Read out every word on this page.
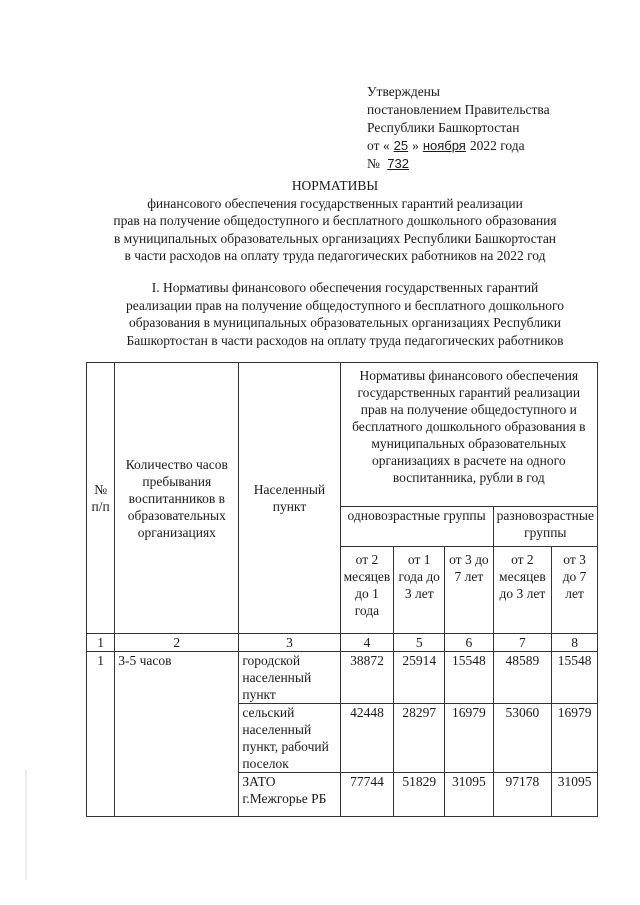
Утверждены
постановлением Правительства
Республики Башкортостан
от « 25 » ноября 2022 года
№ 732
НОРМАТИВЫ
финансового обеспечения государственных гарантий реализации
прав на получение общедоступного и бесплатного дошкольного образования
в муниципальных образовательных организациях Республики Башкортостан
в части расходов на оплату труда педагогических работников на 2022 год
I. Нормативы финансового обеспечения государственных гарантий
реализации прав на получение общедоступного и бесплатного дошкольного
образования в муниципальных образовательных организациях Республики
Башкортостан в части расходов на оплату труда педагогических работников
№ п/п	Количество часов пребывания воспитанников в образовательных организациях	Населенный пункт	Нормативы финансового обеспечения государственных гарантий реализации прав на получение общедоступного и бесплатного дошкольного образования в муниципальных образовательных организациях в расчете на одного воспитанника, рубли в год				
			одновозрастные группы			разновозрастные группы	
			от 2 месяцев до 1 года	от 1 года до 3 лет	от 3 до 7 лет	от 2 месяцев до 3 лет	от 3 до 7 лет
1	2	3	4	5	6	7	8
1	3-5 часов	городской населенный пункт	38872	25914	15548	48589	15548
		сельский населенный пункт, рабочий поселок	42448	28297	16979	53060	16979
		ЗАТО г.Межгорье РБ	77744	51829	31095	97178	31095
